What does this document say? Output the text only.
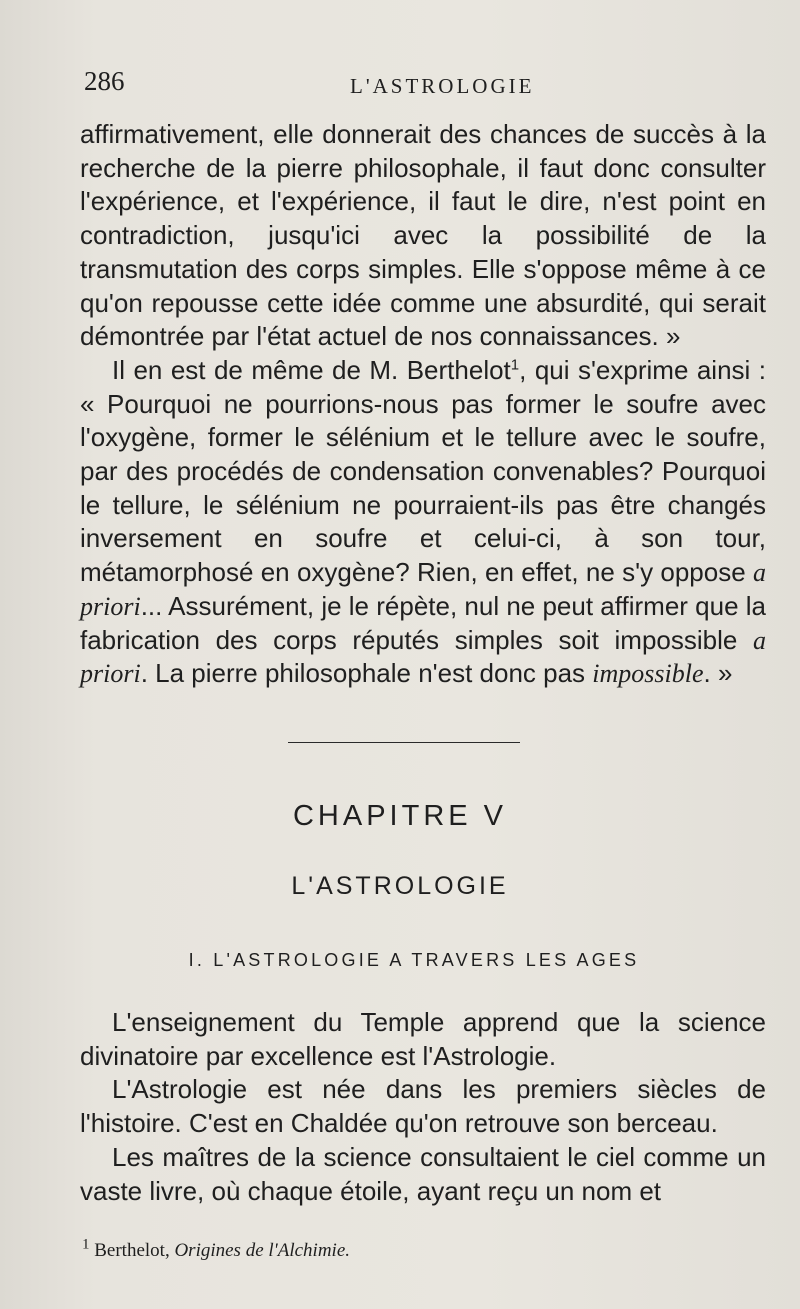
286	L'ASTROLOGIE

affirmativement, elle donnerait des chances de succès à la recherche de la pierre philosophale, il faut donc consulter l'expérience, et l'expérience, il faut le dire, n'est point en contradiction, jusqu'ici avec la possibilité de la transmutation des corps simples. Elle s'oppose même à ce qu'on repousse cette idée comme une absurdité, qui serait démontrée par l'état actuel de nos connaissances. »

Il en est de même de M. Berthelot$^1$, qui s'exprime ainsi : « Pourquoi ne pourrions-nous pas former le soufre avec l'oxygène, former le sélénium et le tellure avec le soufre, par des procédés de condensation convenables? Pourquoi le tellure, le sélénium ne pourraient-ils pas être changés inversement en soufre et celui-ci, à son tour, métamorphosé en oxygène? Rien, en effet, ne s'y oppose a priori... Assurément, je le répète, nul ne peut affirmer que la fabrication des corps réputés simples soit impossible a priori. La pierre philosophale n'est donc pas impossible. »

CHAPITRE V
L'ASTROLOGIE
I. L'ASTROLOGIE A TRAVERS LES AGES

L'enseignement du Temple apprend que la science divinatoire par excellence est l'Astrologie.

L'Astrologie est née dans les premiers siècles de l'histoire. C'est en Chaldée qu'on retrouve son berceau.

Les maîtres de la science consultaient le ciel comme un vaste livre, où chaque étoile, ayant reçu un nom et

$^1$ Berthelot, Origines de l'Alchimie.
